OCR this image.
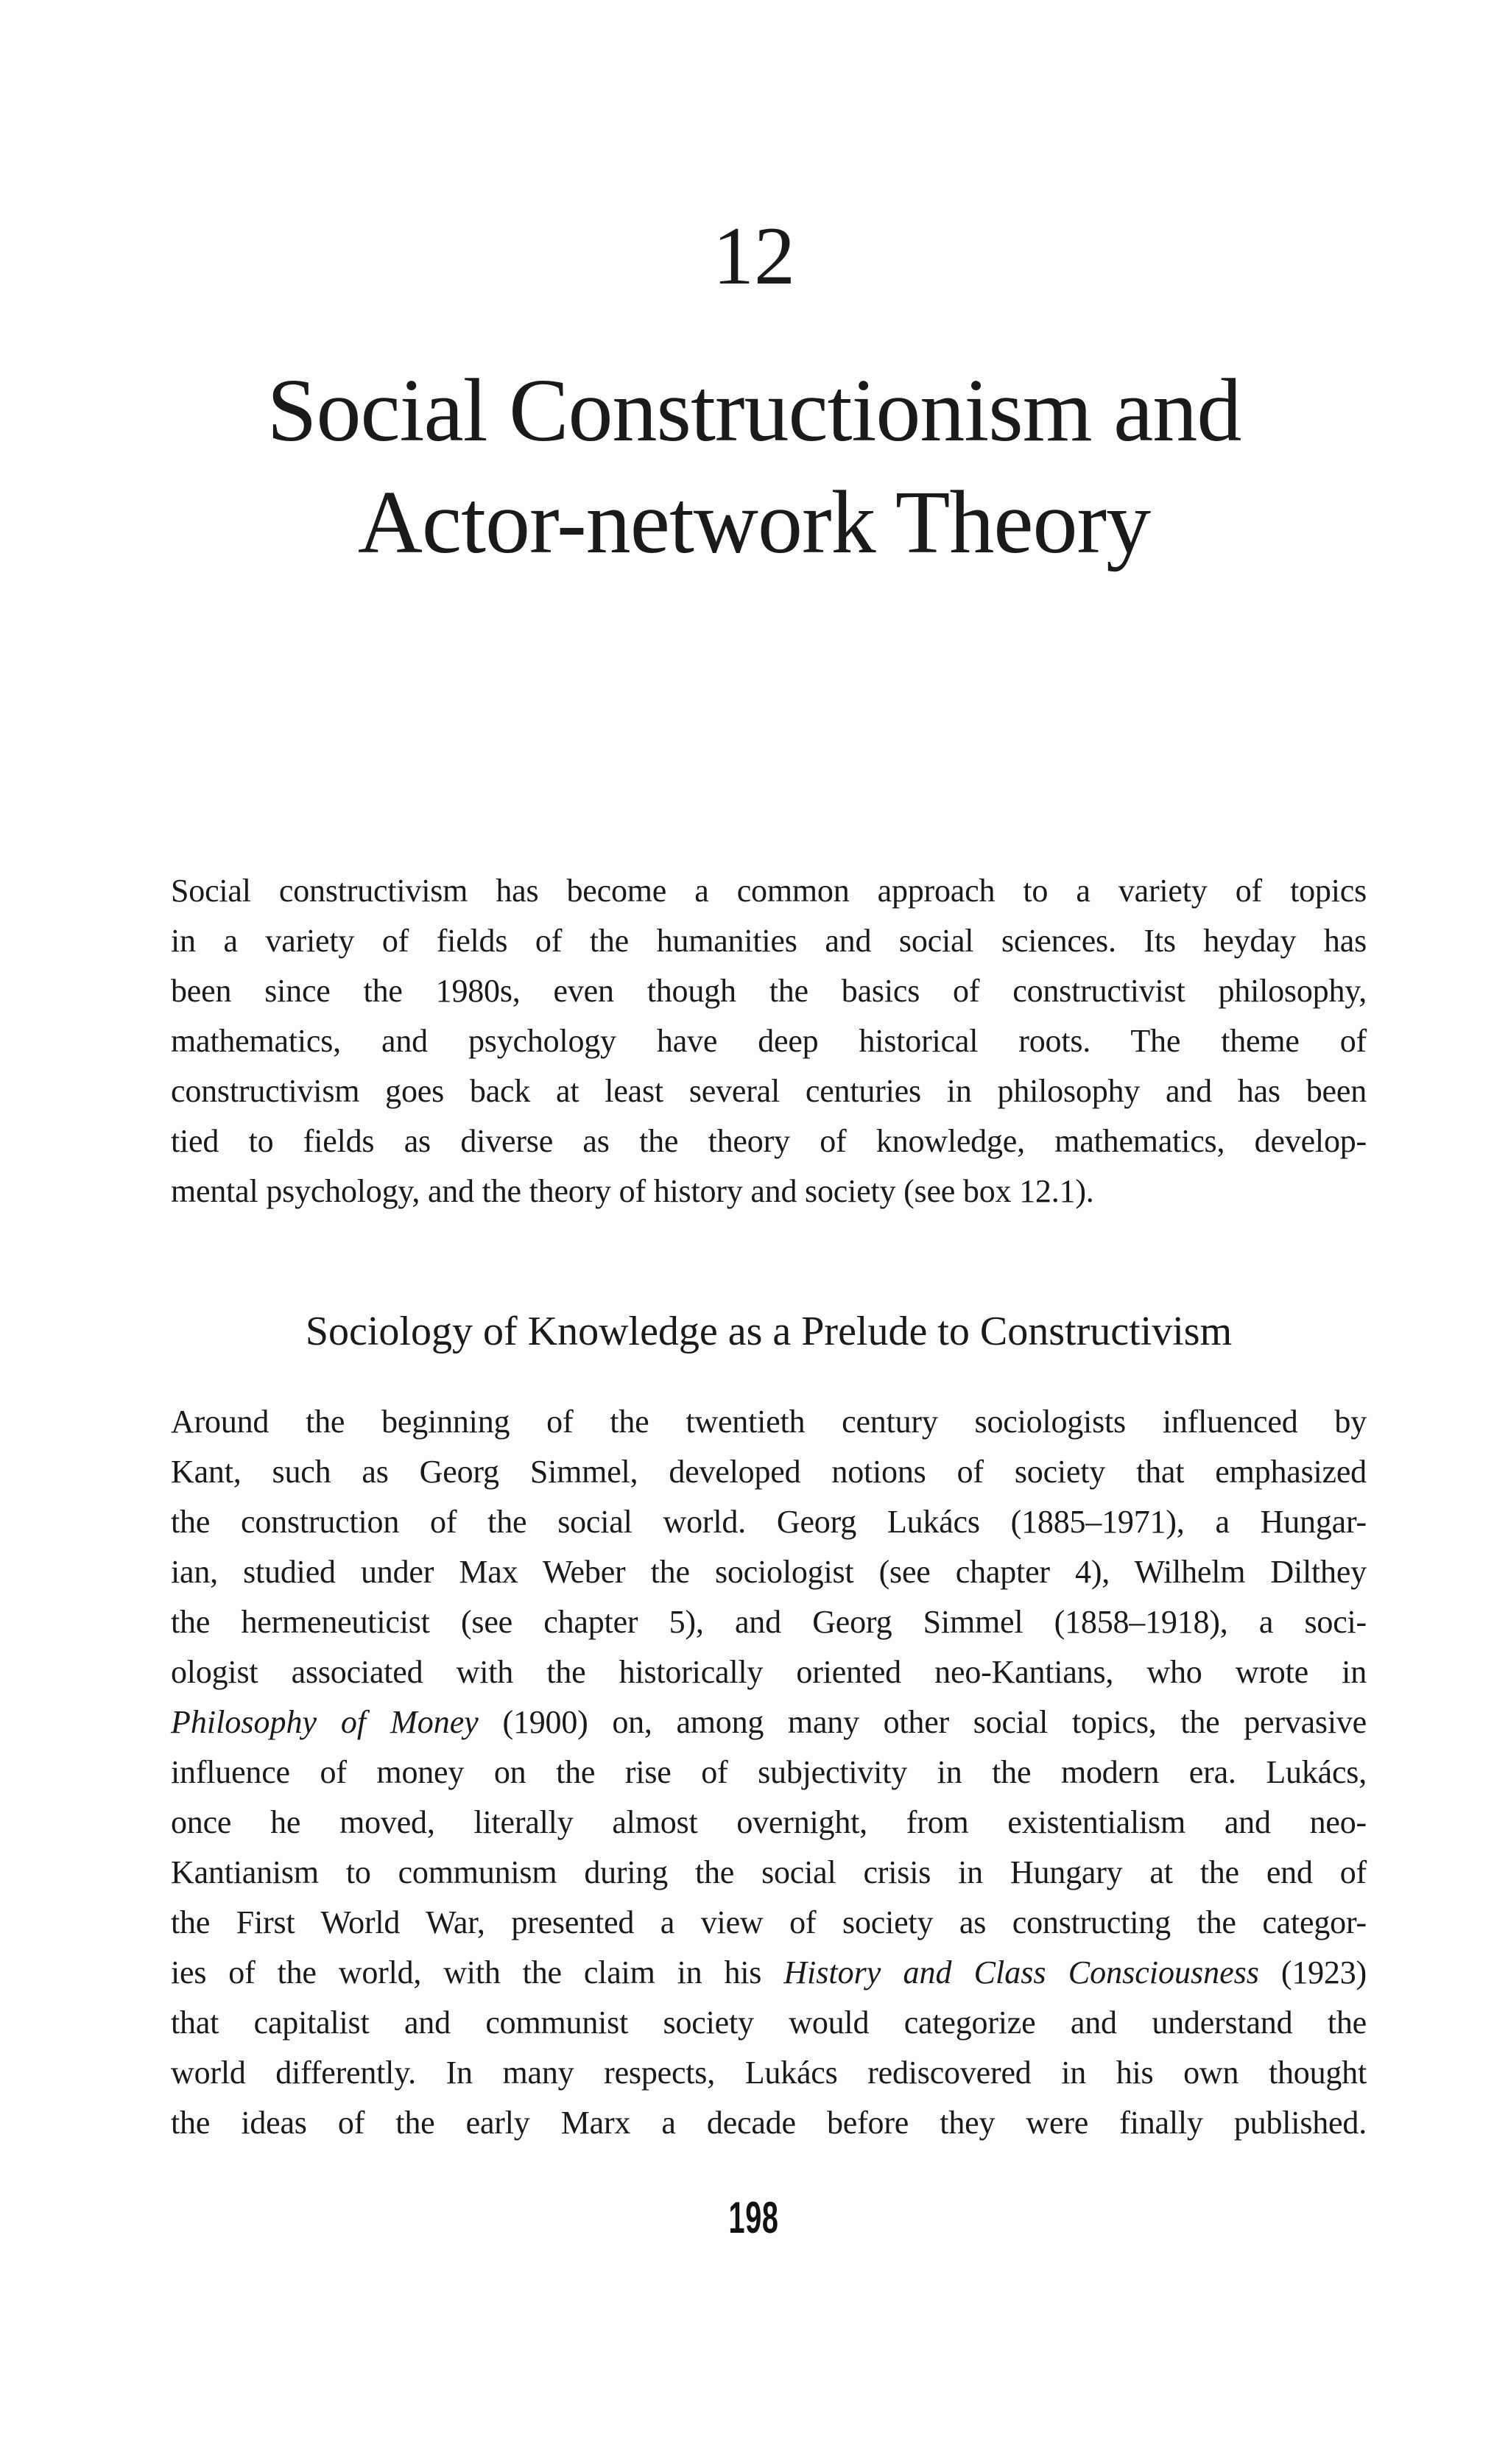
12
Social Constructionism and
Actor-network Theory
Social constructivism has become a common approach to a variety of topics
in a variety of fields of the humanities and social sciences. Its heyday has
been since the 1980s, even though the basics of constructivist philosophy,
mathematics, and psychology have deep historical roots. The theme of
constructivism goes back at least several centuries in philosophy and has been
tied to fields as diverse as the theory of knowledge, mathematics, develop-
mental psychology, and the theory of history and society (see box 12.1).
Sociology of Knowledge as a Prelude to Constructivism
Around the beginning of the twentieth century sociologists influenced by
Kant, such as Georg Simmel, developed notions of society that emphasized
the construction of the social world. Georg Lukács (1885–1971), a Hungar-
ian, studied under Max Weber the sociologist (see chapter 4), Wilhelm Dilthey
the hermeneuticist (see chapter 5), and Georg Simmel (1858–1918), a soci-
ologist associated with the historically oriented neo-Kantians, who wrote in
Philosophy of Money (1900) on, among many other social topics, the pervasive
influence of money on the rise of subjectivity in the modern era. Lukács,
once he moved, literally almost overnight, from existentialism and neo-
Kantianism to communism during the social crisis in Hungary at the end of
the First World War, presented a view of society as constructing the categor-
ies of the world, with the claim in his History and Class Consciousness (1923)
that capitalist and communist society would categorize and understand the
world differently. In many respects, Lukács rediscovered in his own thought
the ideas of the early Marx a decade before they were finally published.
198
